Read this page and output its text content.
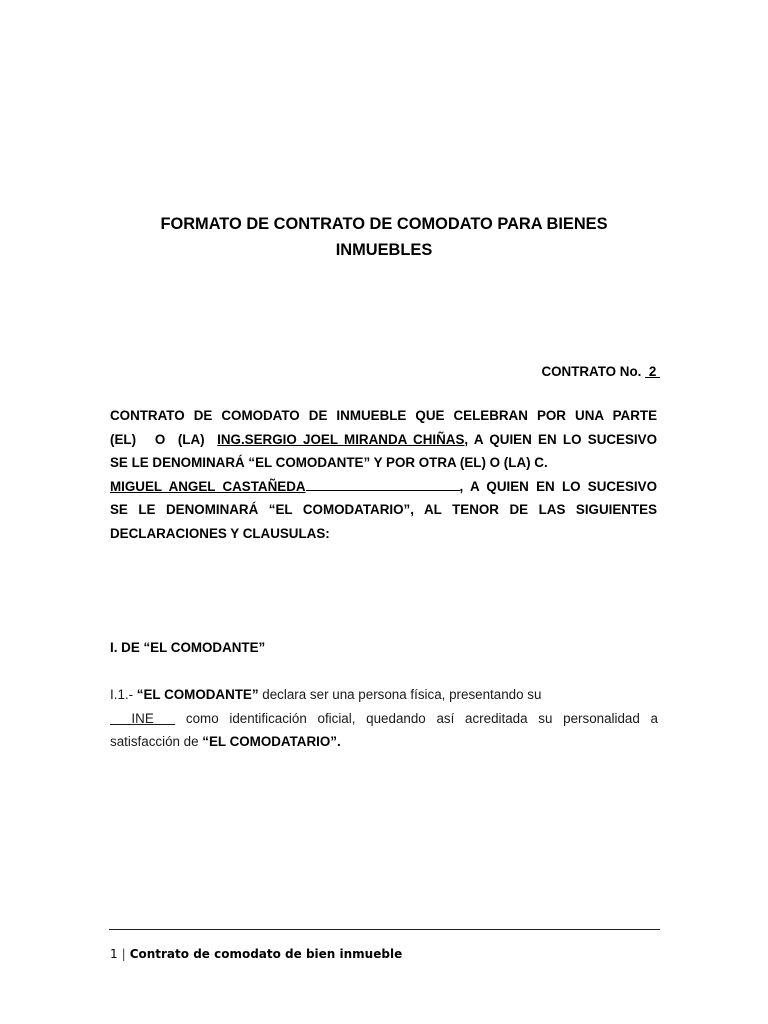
FORMATO DE CONTRATO DE COMODATO PARA BIENES
INMUEBLES
CONTRATO No.  2
CONTRATO DE COMODATO DE INMUEBLE QUE CELEBRAN POR UNA PARTE
(EL)   O  (LA)  ING.SERGIO JOEL MIRANDA CHIÑAS, A QUIEN EN LO SUCESIVO
SE LE DENOMINARÁ “EL COMODANTE” Y POR OTRA (EL) O (LA) C.
MIGUEL ANGEL CASTAÑEDA	, A QUIEN EN LO SUCESIVO
SE LE DENOMINARÁ “EL COMODATARIO”, AL TENOR DE LAS SIGUIENTES
DECLARACIONES Y CLAUSULAS:
I. DE “EL COMODANTE”
I.1.- “EL COMODANTE” declara ser una persona física, presentando su
INE   como identificación oficial, quedando así acreditada su personalidad a
satisfacción de “EL COMODATARIO”.
1 | Contrato de comodato de bien inmueble
